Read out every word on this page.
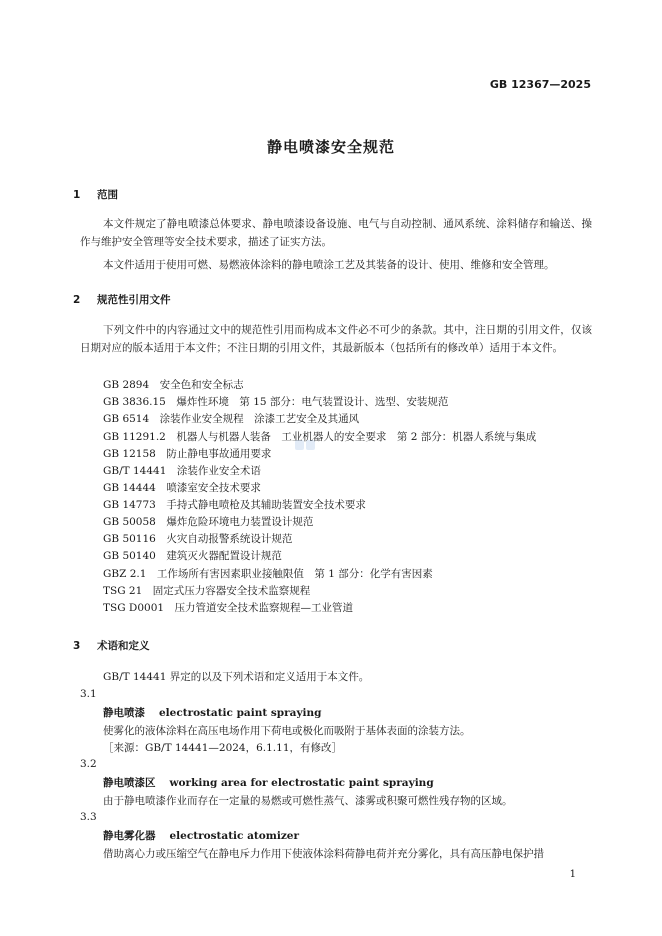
GB 12367—2025
静电喷漆安全规范
1 范围
本文件规定了静电喷漆总体要求、静电喷漆设备设施、电气与自动控制、通风系统、涂料储存和输送、操作与维护安全管理等安全技术要求，描述了证实方法。
本文件适用于使用可燃、易燃液体涂料的静电喷涂工艺及其装备的设计、使用、维修和安全管理。
2 规范性引用文件
下列文件中的内容通过文中的规范性引用而构成本文件必不可少的条款。其中，注日期的引用文件，仅该日期对应的版本适用于本文件；不注日期的引用文件，其最新版本（包括所有的修改单）适用于本文件。
GB 2894　安全色和安全标志
GB 3836.15　爆炸性环境　第 15 部分：电气装置设计、选型、安装规范
GB 6514　涂装作业安全规程　涂漆工艺安全及其通风
GB 11291.2　机器人与机器人装备　工业机器人的安全要求　第 2 部分：机器人系统与集成
GB 12158　防止静电事故通用要求
GB/T 14441　涂装作业安全术语
GB 14444　喷漆室安全技术要求
GB 14773　手持式静电喷枪及其辅助装置安全技术要求
GB 50058　爆炸危险环境电力装置设计规范
GB 50116　火灾自动报警系统设计规范
GB 50140　建筑灭火器配置设计规范
GBZ 2.1　工作场所有害因素职业接触限值　第 1 部分：化学有害因素
TSG 21　固定式压力容器安全技术监察规程
TSG D0001　压力管道安全技术监察规程—工业管道
3 术语和定义
GB/T 14441 界定的以及下列术语和定义适用于本文件。
3.1
静电喷漆 electrostatic paint spraying
使雾化的液体涂料在高压电场作用下荷电或极化而吸附于基体表面的涂装方法。
［来源：GB/T 14441—2024，6.1.11，有修改］
3.2
静电喷漆区 working area for electrostatic paint spraying
由于静电喷漆作业而存在一定量的易燃或可燃性蒸气、漆雾或积聚可燃性残存物的区域。
3.3
静电雾化器 electrostatic atomizer
借助离心力或压缩空气在静电斥力作用下使液体涂料荷静电荷并充分雾化，具有高压静电保护措
1
